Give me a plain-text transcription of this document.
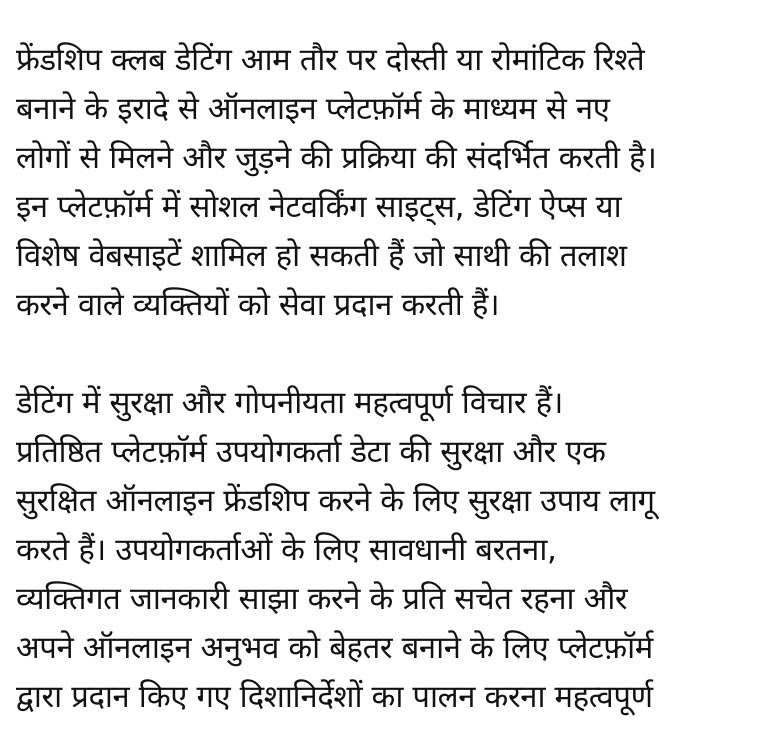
फ्रेंडशिप क्लब डेटिंग आम तौर पर दोस्ती या रोमांटिक रिश्ते
बनाने के इरादे से ऑनलाइन प्लेटफ़ॉर्म के माध्यम से नए
लोगों से मिलने और जुड़ने की प्रक्रिया की संदर्भित करती है।
इन प्लेटफ़ॉर्म में सोशल नेटवर्किंग साइट्स, डेटिंग ऐप्स या
विशेष वेबसाइटें शामिल हो सकती हैं जो साथी की तलाश
करने वाले व्यक्तियों को सेवा प्रदान करती हैं।
डेटिंग में सुरक्षा और गोपनीयता महत्वपूर्ण विचार हैं।
प्रतिष्ठित प्लेटफ़ॉर्म उपयोगकर्ता डेटा की सुरक्षा और एक
सुरक्षित ऑनलाइन फ्रेंडशिप करने के लिए सुरक्षा उपाय लागू
करते हैं। उपयोगकर्ताओं के लिए सावधानी बरतना,
व्यक्तिगत जानकारी साझा करने के प्रति सचेत रहना और
अपने ऑनलाइन अनुभव को बेहतर बनाने के लिए प्लेटफ़ॉर्म
द्वारा प्रदान किए गए दिशानिर्देशों का पालन करना महत्वपूर्ण
